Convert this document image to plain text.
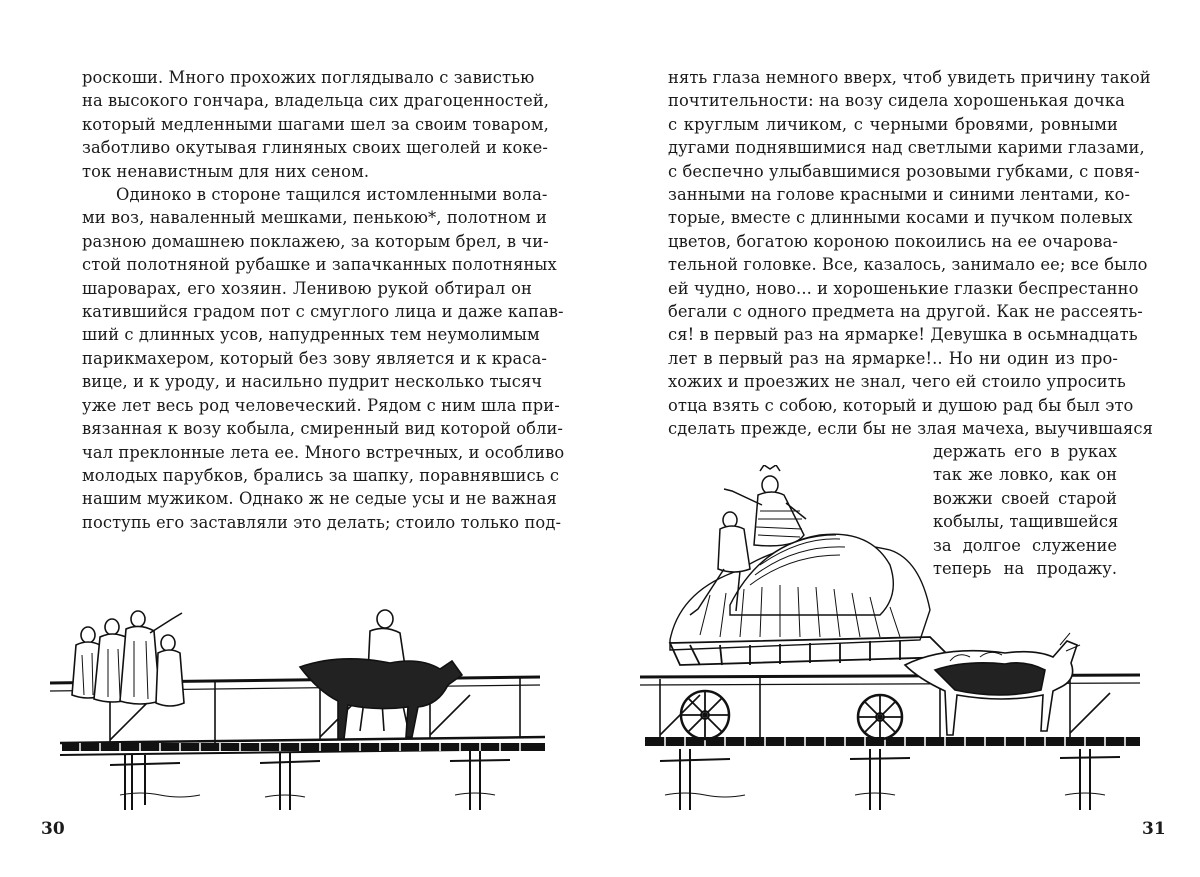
роскоши. Много прохожих поглядывало с завистью
на высокого гончара, владельца сих драгоценностей,
который медленными шагами шел за своим товаром,
заботливо окутывая глиняных своих щеголей и коке-
ток ненавистным для них сеном.
Одиноко в стороне тащился истомленными вола-
ми воз, наваленный мешками, пенькою*, полотном и
разною домашнею поклажею, за которым брел, в чи-
стой полотняной рубашке и запачканных полотняных
шароварах, его хозяин. Ленивою рукой обтирал он
катившийся градом пот с смуглого лица и даже капав-
ший с длинных усов, напудренных тем неумолимым
парикмахером, который без зову является и к краса-
вице, и к уроду, и насильно пудрит несколько тысяч
уже лет весь род человеческий. Рядом с ним шла при-
вязанная к возу кобыла, смиренный вид которой обли-
чал преклонные лета ее. Много встречных, и особливо
молодых парубков, брались за шапку, поравнявшись с
нашим мужиком. Однако ж не седые усы и не важная
поступь его заставляли это делать; стоило только под-
30
нять глаза немного вверх, чтоб увидеть причину такой
почтительности: на возу сидела хорошенькая дочка
с круглым личиком, с черными бровями, ровными
дугами поднявшимися над светлыми карими глазами,
с беспечно улыбавшимися розовыми губками, с повя-
занными на голове красными и синими лентами, ко-
торые, вместе с длинными косами и пучком полевых
цветов, богатою короною покоились на ее очарова-
тельной головке. Все, казалось, занимало ее; все было
ей чудно, ново... и хорошенькие глазки беспрестанно
бегали с одного предмета на другой. Как не рассеять-
ся! в первый раз на ярмарке! Девушка в осьмнадцать
лет в первый раз на ярмарке!.. Но ни один из про-
хожих и проезжих не знал, чего ей стоило упросить
отца взять с собою, который и душою рад бы был это
сделать прежде, если бы не злая мачеха, выучившаяся
держать его в руках
так же ловко, как он
вожжи своей старой
кобылы, тащившейся
за долгое служение
теперь на продажу.
31
